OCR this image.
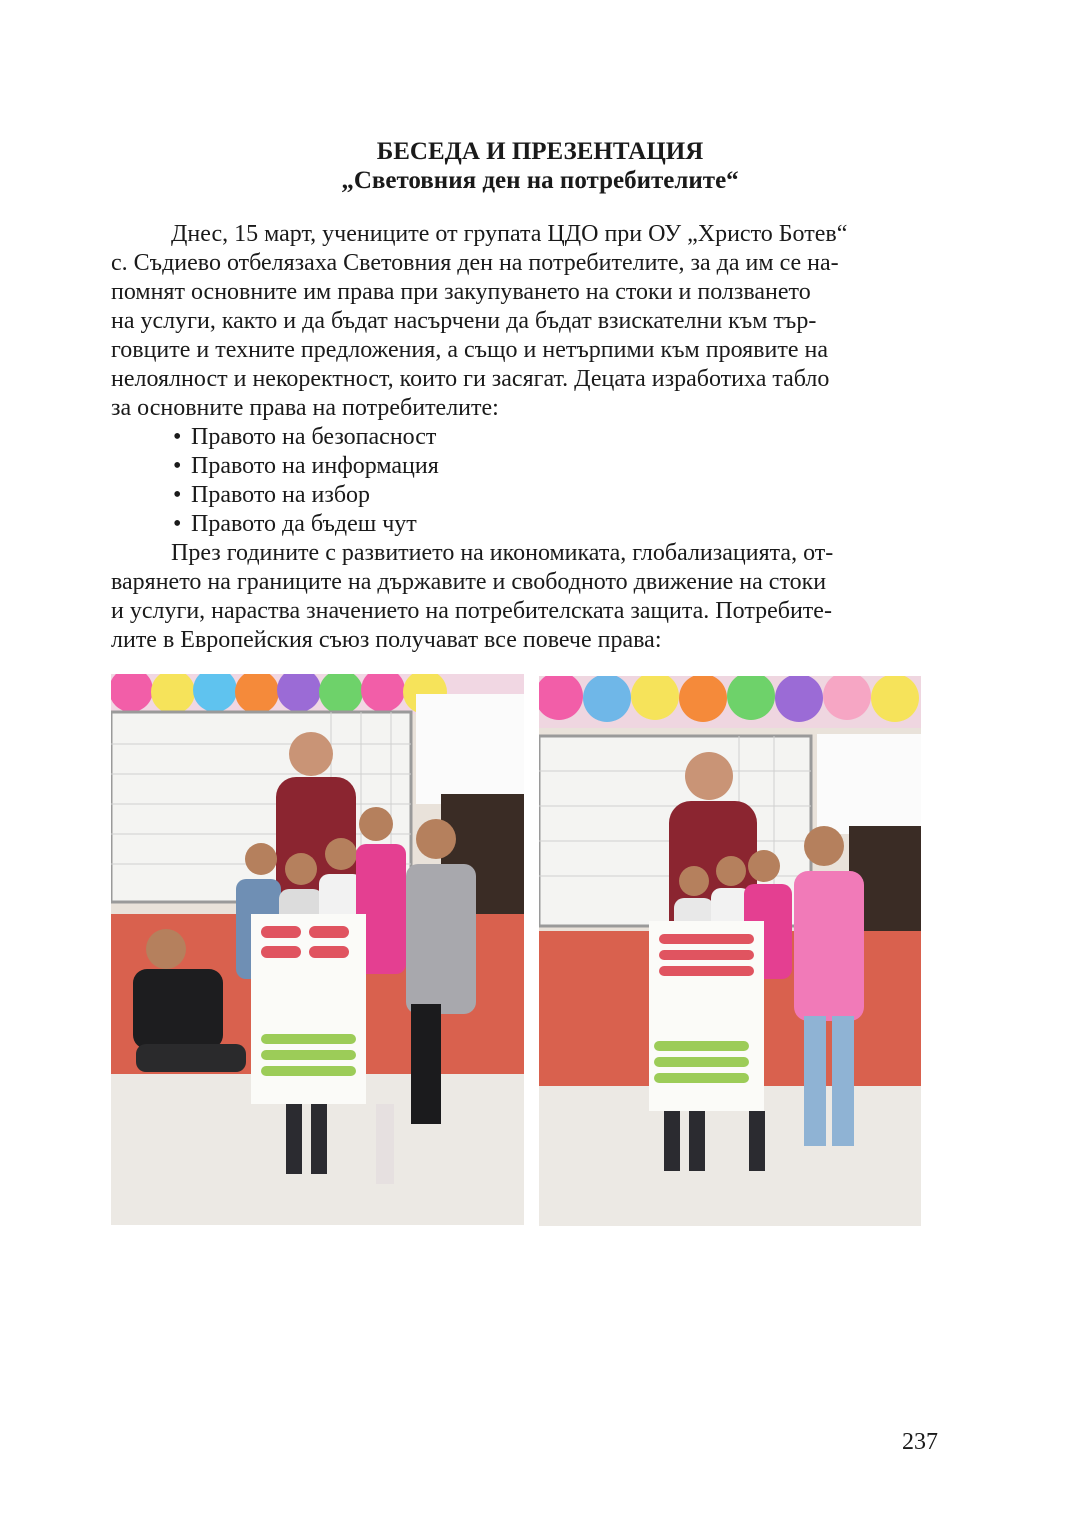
БЕСЕДА И ПРЕЗЕНТАЦИЯ
„Световния ден на потребителите“

Днес, 15 март, учениците от групата ЦДО при ОУ „Христо Ботев“

с. Съдиево отбелязаха Световния ден на потребителите, за да им се на-

помнят основните им права при закупуването на стоки и ползването

на услуги, както и да бъдат насърчени да бъдат взискателни към тър-

говците и техните предложения, а също и нетърпими към проявите на

нелоялност и некоректност, които ги засягат. Децата изработиха табло

за основните права на потребителите:

• Правото на безопасност
• Правото на информация
• Правото на избор
• Правото да бъдеш чут

През годините с развитието на икономиката, глобализацията, от-

варянето на границите на държавите и свободното движение на стоки

и услуги, нараства значението на потребителската защита. Потребите-

лите в Европейския съюз получават все повече права:

237
